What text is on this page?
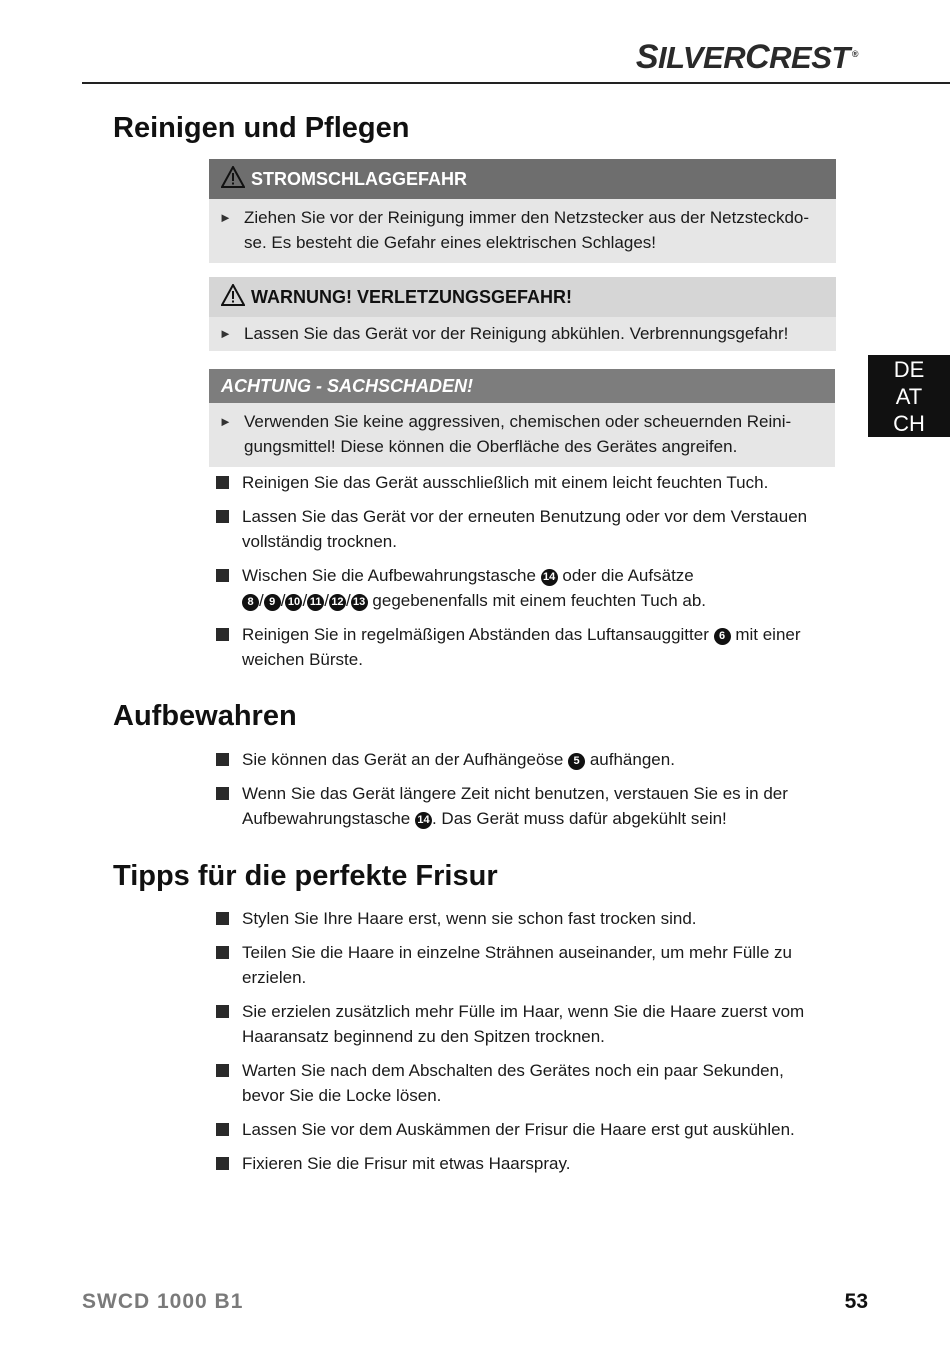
SILVERCREST ®
DE
AT
CH
Reinigen und Pflegen
STROMSCHLAGGEFAHR
► Ziehen Sie vor der Reinigung immer den Netzstecker aus der Netzsteckdo-
se. Es besteht die Gefahr eines elektrischen Schlages!
WARNUNG! VERLETZUNGSGEFAHR!
► Lassen Sie das Gerät vor der Reinigung abkühlen. Verbrennungsgefahr!
ACHTUNG - SACHSCHADEN!
► Verwenden Sie keine aggressiven, chemischen oder scheuernden Reini-
gungsmittel! Diese können die Oberfläche des Gerätes angreifen.
Reinigen Sie das Gerät ausschließlich mit einem leicht feuchten Tuch.
Lassen Sie das Gerät vor der erneuten Benutzung oder vor dem Verstauen
vollständig trocknen.
Wischen Sie die Aufbewahrungstasche 14 oder die Aufsätze
8 / 9 / 10 / 11 / 12 / 13 gegebenenfalls mit einem feuchten Tuch ab.
Reinigen Sie in regelmäßigen Abständen das Luftansauggitter 6 mit einer
weichen Bürste.
Aufbewahren
Sie können das Gerät an der Aufhängeöse 5 aufhängen.
Wenn Sie das Gerät längere Zeit nicht benutzen, verstauen Sie es in der
Aufbewahrungstasche 14 . Das Gerät muss dafür abgekühlt sein!
Tipps für die perfekte Frisur
Stylen Sie Ihre Haare erst, wenn sie schon fast trocken sind.
Teilen Sie die Haare in einzelne Strähnen auseinander, um mehr Fülle zu
erzielen.
Sie erzielen zusätzlich mehr Fülle im Haar, wenn Sie die Haare zuerst vom
Haaransatz beginnend zu den Spitzen trocknen.
Warten Sie nach dem Abschalten des Gerätes noch ein paar Sekunden,
bevor Sie die Locke lösen.
Lassen Sie vor dem Auskämmen der Frisur die Haare erst gut auskühlen.
Fixieren Sie die Frisur mit etwas Haarspray.
SWCD 1000 B1	53
